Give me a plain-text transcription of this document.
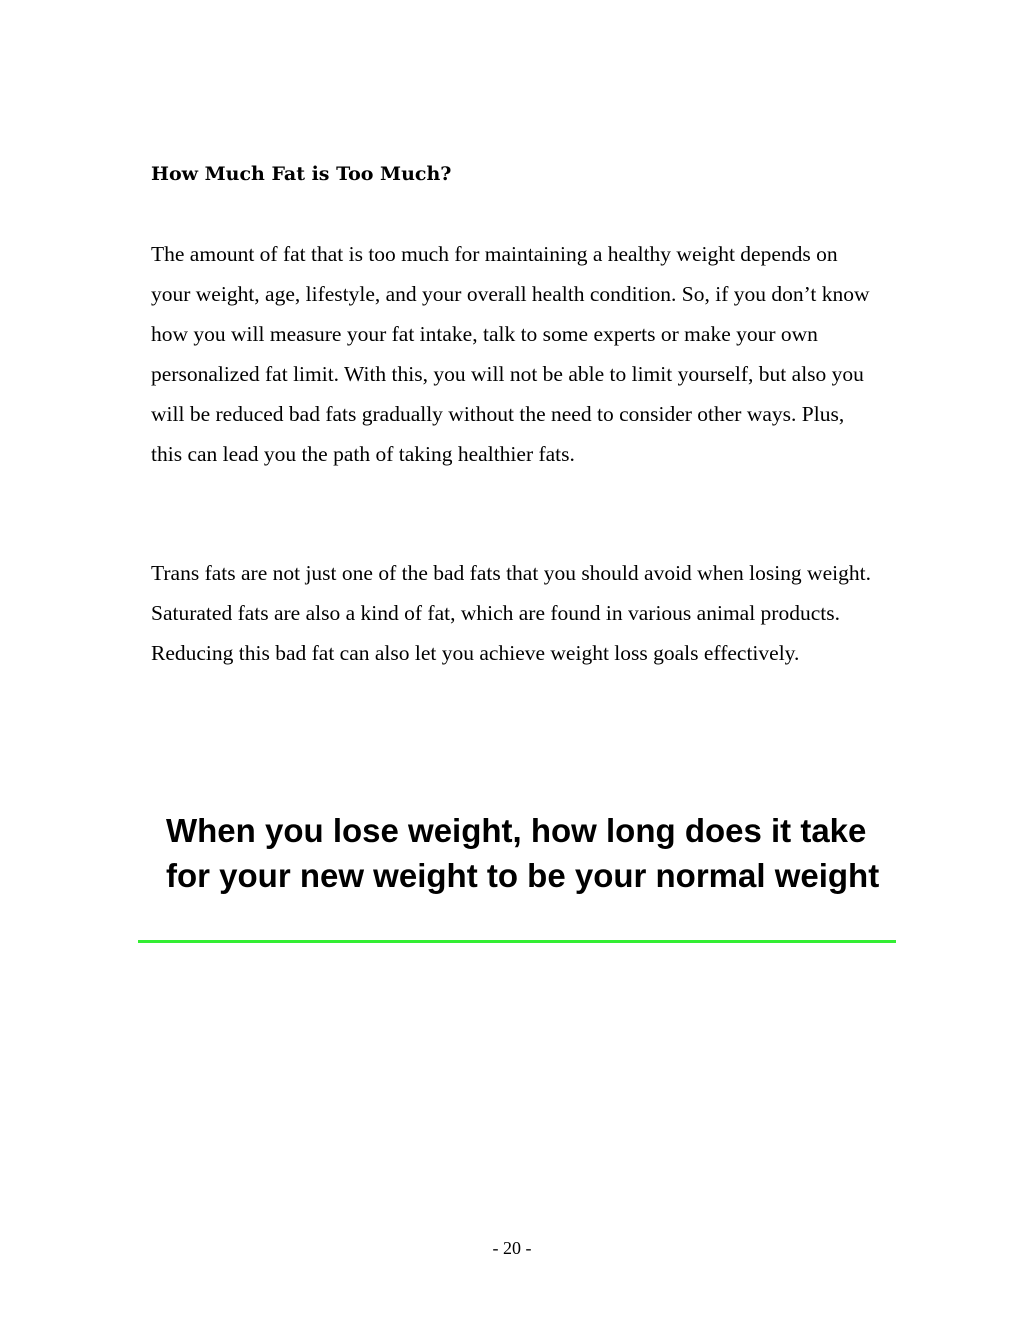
How Much Fat is Too Much?

The amount of fat that is too much for maintaining a healthy weight depends on your weight, age, lifestyle, and your overall health condition. So, if you don’t know how you will measure your fat intake, talk to some experts or make your own personalized fat limit. With this, you will not be able to limit yourself, but also you will be reduced bad fats gradually without the need to consider other ways. Plus, this can lead you the path of taking healthier fats.

Trans fats are not just one of the bad fats that you should avoid when losing weight. Saturated fats are also a kind of fat, which are found in various animal products. Reducing this bad fat can also let you achieve weight loss goals effectively.

When you lose weight, how long does it take for your new weight to be your normal weight
- 20 -
